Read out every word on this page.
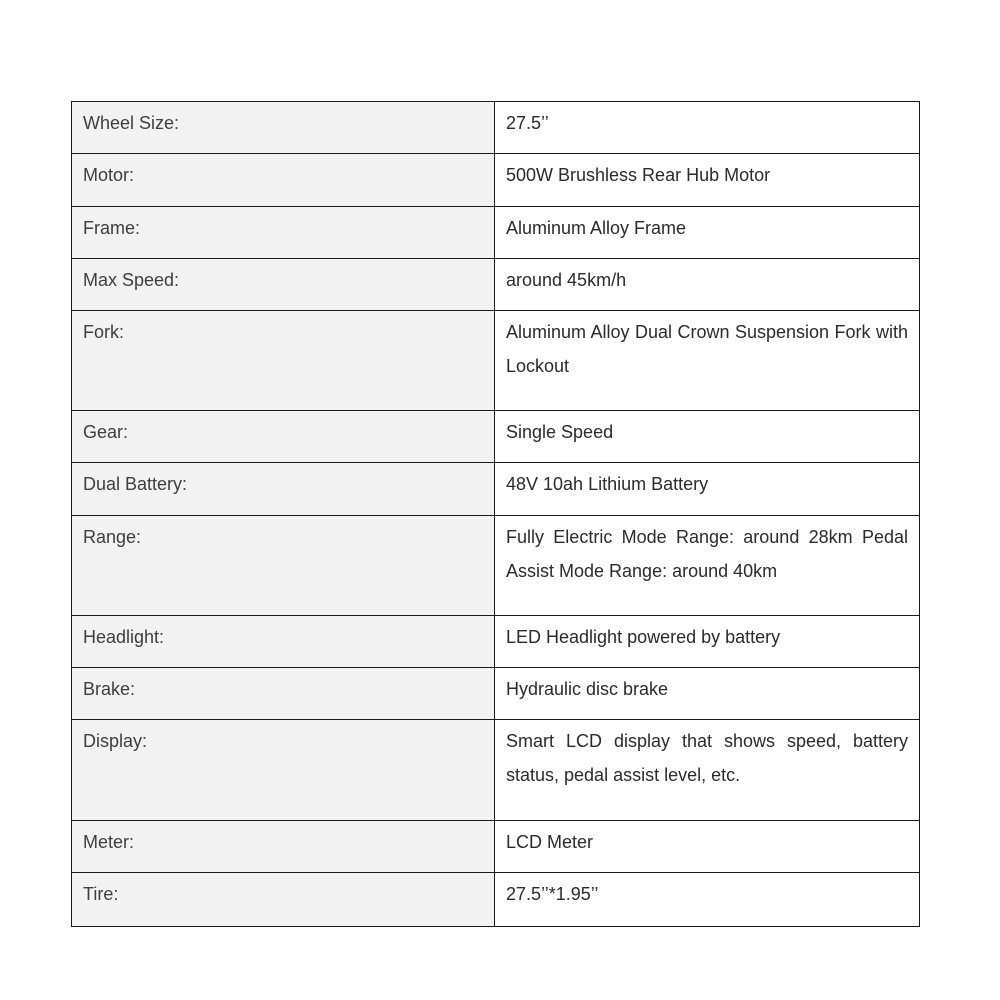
Wheel Size:	27.5’’
Motor:	500W Brushless Rear Hub Motor
Frame:	Aluminum Alloy Frame
Max Speed:	around 45km/h
Fork:	Aluminum Alloy Dual Crown Suspension Fork with Lockout
Gear:	Single Speed
Dual Battery:	48V 10ah Lithium Battery
Range:	Fully Electric Mode Range: around 28km Pedal Assist Mode Range: around 40km
Headlight:	LED Headlight powered by battery
Brake:	Hydraulic disc brake
Display:	Smart LCD display that shows speed, battery status, pedal assist level, etc.
Meter:	LCD Meter
Tire:	27.5’’*1.95’’
